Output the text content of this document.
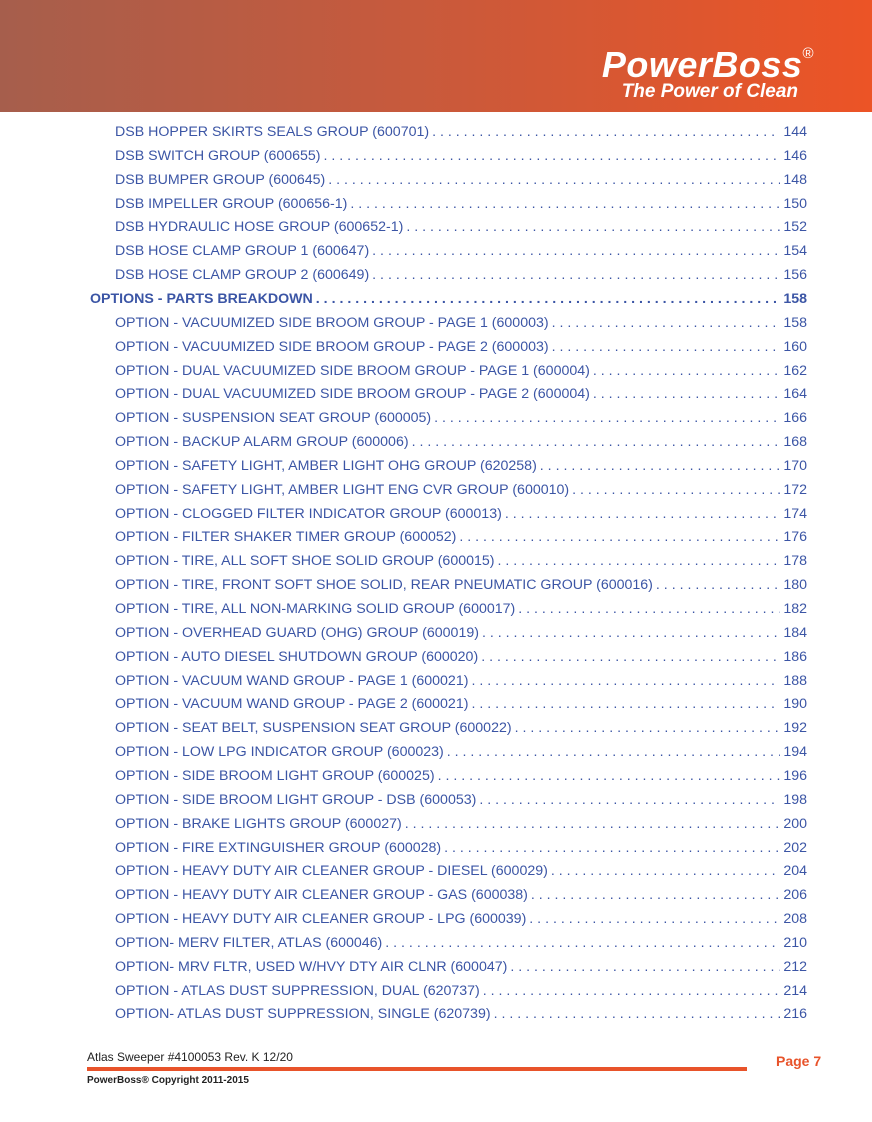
PowerBoss®
The Power of Clean
DSB HOPPER SKIRTS SEALS GROUP (600701) . . .	144
DSB SWITCH GROUP (600655) . . .	146
DSB BUMPER GROUP (600645) . . .	148
DSB IMPELLER GROUP (600656-1) . . .	150
DSB HYDRAULIC HOSE GROUP (600652-1) . . .	152
DSB HOSE CLAMP GROUP 1 (600647) . . .	154
DSB HOSE CLAMP GROUP 2 (600649) . . .	156
OPTIONS - PARTS BREAKDOWN . . .	158
OPTION - VACUUMIZED SIDE BROOM GROUP - PAGE 1 (600003) . . .	158
OPTION - VACUUMIZED SIDE BROOM GROUP - PAGE 2 (600003) . . .	160
OPTION - DUAL VACUUMIZED SIDE BROOM GROUP - PAGE 1 (600004) . . .	162
OPTION - DUAL VACUUMIZED SIDE BROOM GROUP - PAGE 2 (600004) . . .	164
OPTION - SUSPENSION SEAT GROUP (600005) . . .	166
OPTION - BACKUP ALARM GROUP (600006) . . .	168
OPTION - SAFETY LIGHT, AMBER LIGHT OHG GROUP (620258) . . .	170
OPTION - SAFETY LIGHT, AMBER LIGHT ENG CVR GROUP (600010) . . .	172
OPTION - CLOGGED FILTER INDICATOR GROUP (600013) . . .	174
OPTION - FILTER SHAKER TIMER GROUP (600052) . . .	176
OPTION - TIRE, ALL SOFT SHOE SOLID GROUP (600015) . . .	178
OPTION - TIRE, FRONT SOFT SHOE SOLID, REAR PNEUMATIC GROUP (600016) . . .	180
OPTION - TIRE, ALL NON-MARKING SOLID GROUP (600017) . . .	182
OPTION - OVERHEAD GUARD (OHG) GROUP (600019) . . .	184
OPTION - AUTO DIESEL SHUTDOWN GROUP (600020) . . .	186
OPTION - VACUUM WAND GROUP - PAGE 1 (600021) . . .	188
OPTION - VACUUM WAND GROUP - PAGE 2 (600021) . . .	190
OPTION - SEAT BELT, SUSPENSION SEAT GROUP (600022) . . .	192
OPTION - LOW LPG INDICATOR GROUP (600023) . . .	194
OPTION - SIDE BROOM LIGHT GROUP (600025) . . .	196
OPTION - SIDE BROOM LIGHT GROUP - DSB (600053) . . .	198
OPTION - BRAKE LIGHTS GROUP (600027) . . .	200
OPTION - FIRE EXTINGUISHER GROUP (600028) . . .	202
OPTION - HEAVY DUTY AIR CLEANER GROUP - DIESEL (600029) . . .	204
OPTION - HEAVY DUTY AIR CLEANER GROUP - GAS (600038) . . .	206
OPTION - HEAVY DUTY AIR CLEANER GROUP - LPG (600039) . . .	208
OPTION- MERV FILTER, ATLAS (600046) . . .	210
OPTION- MRV FLTR, USED W/HVY DTY AIR CLNR (600047) . . .	212
OPTION - ATLAS DUST SUPPRESSION, DUAL (620737) . . .	214
OPTION- ATLAS DUST SUPPRESSION, SINGLE (620739) . . .	216
Atlas Sweeper #4100053 Rev. K 12/20	Page 7
PowerBoss® Copyright 2011-2015
